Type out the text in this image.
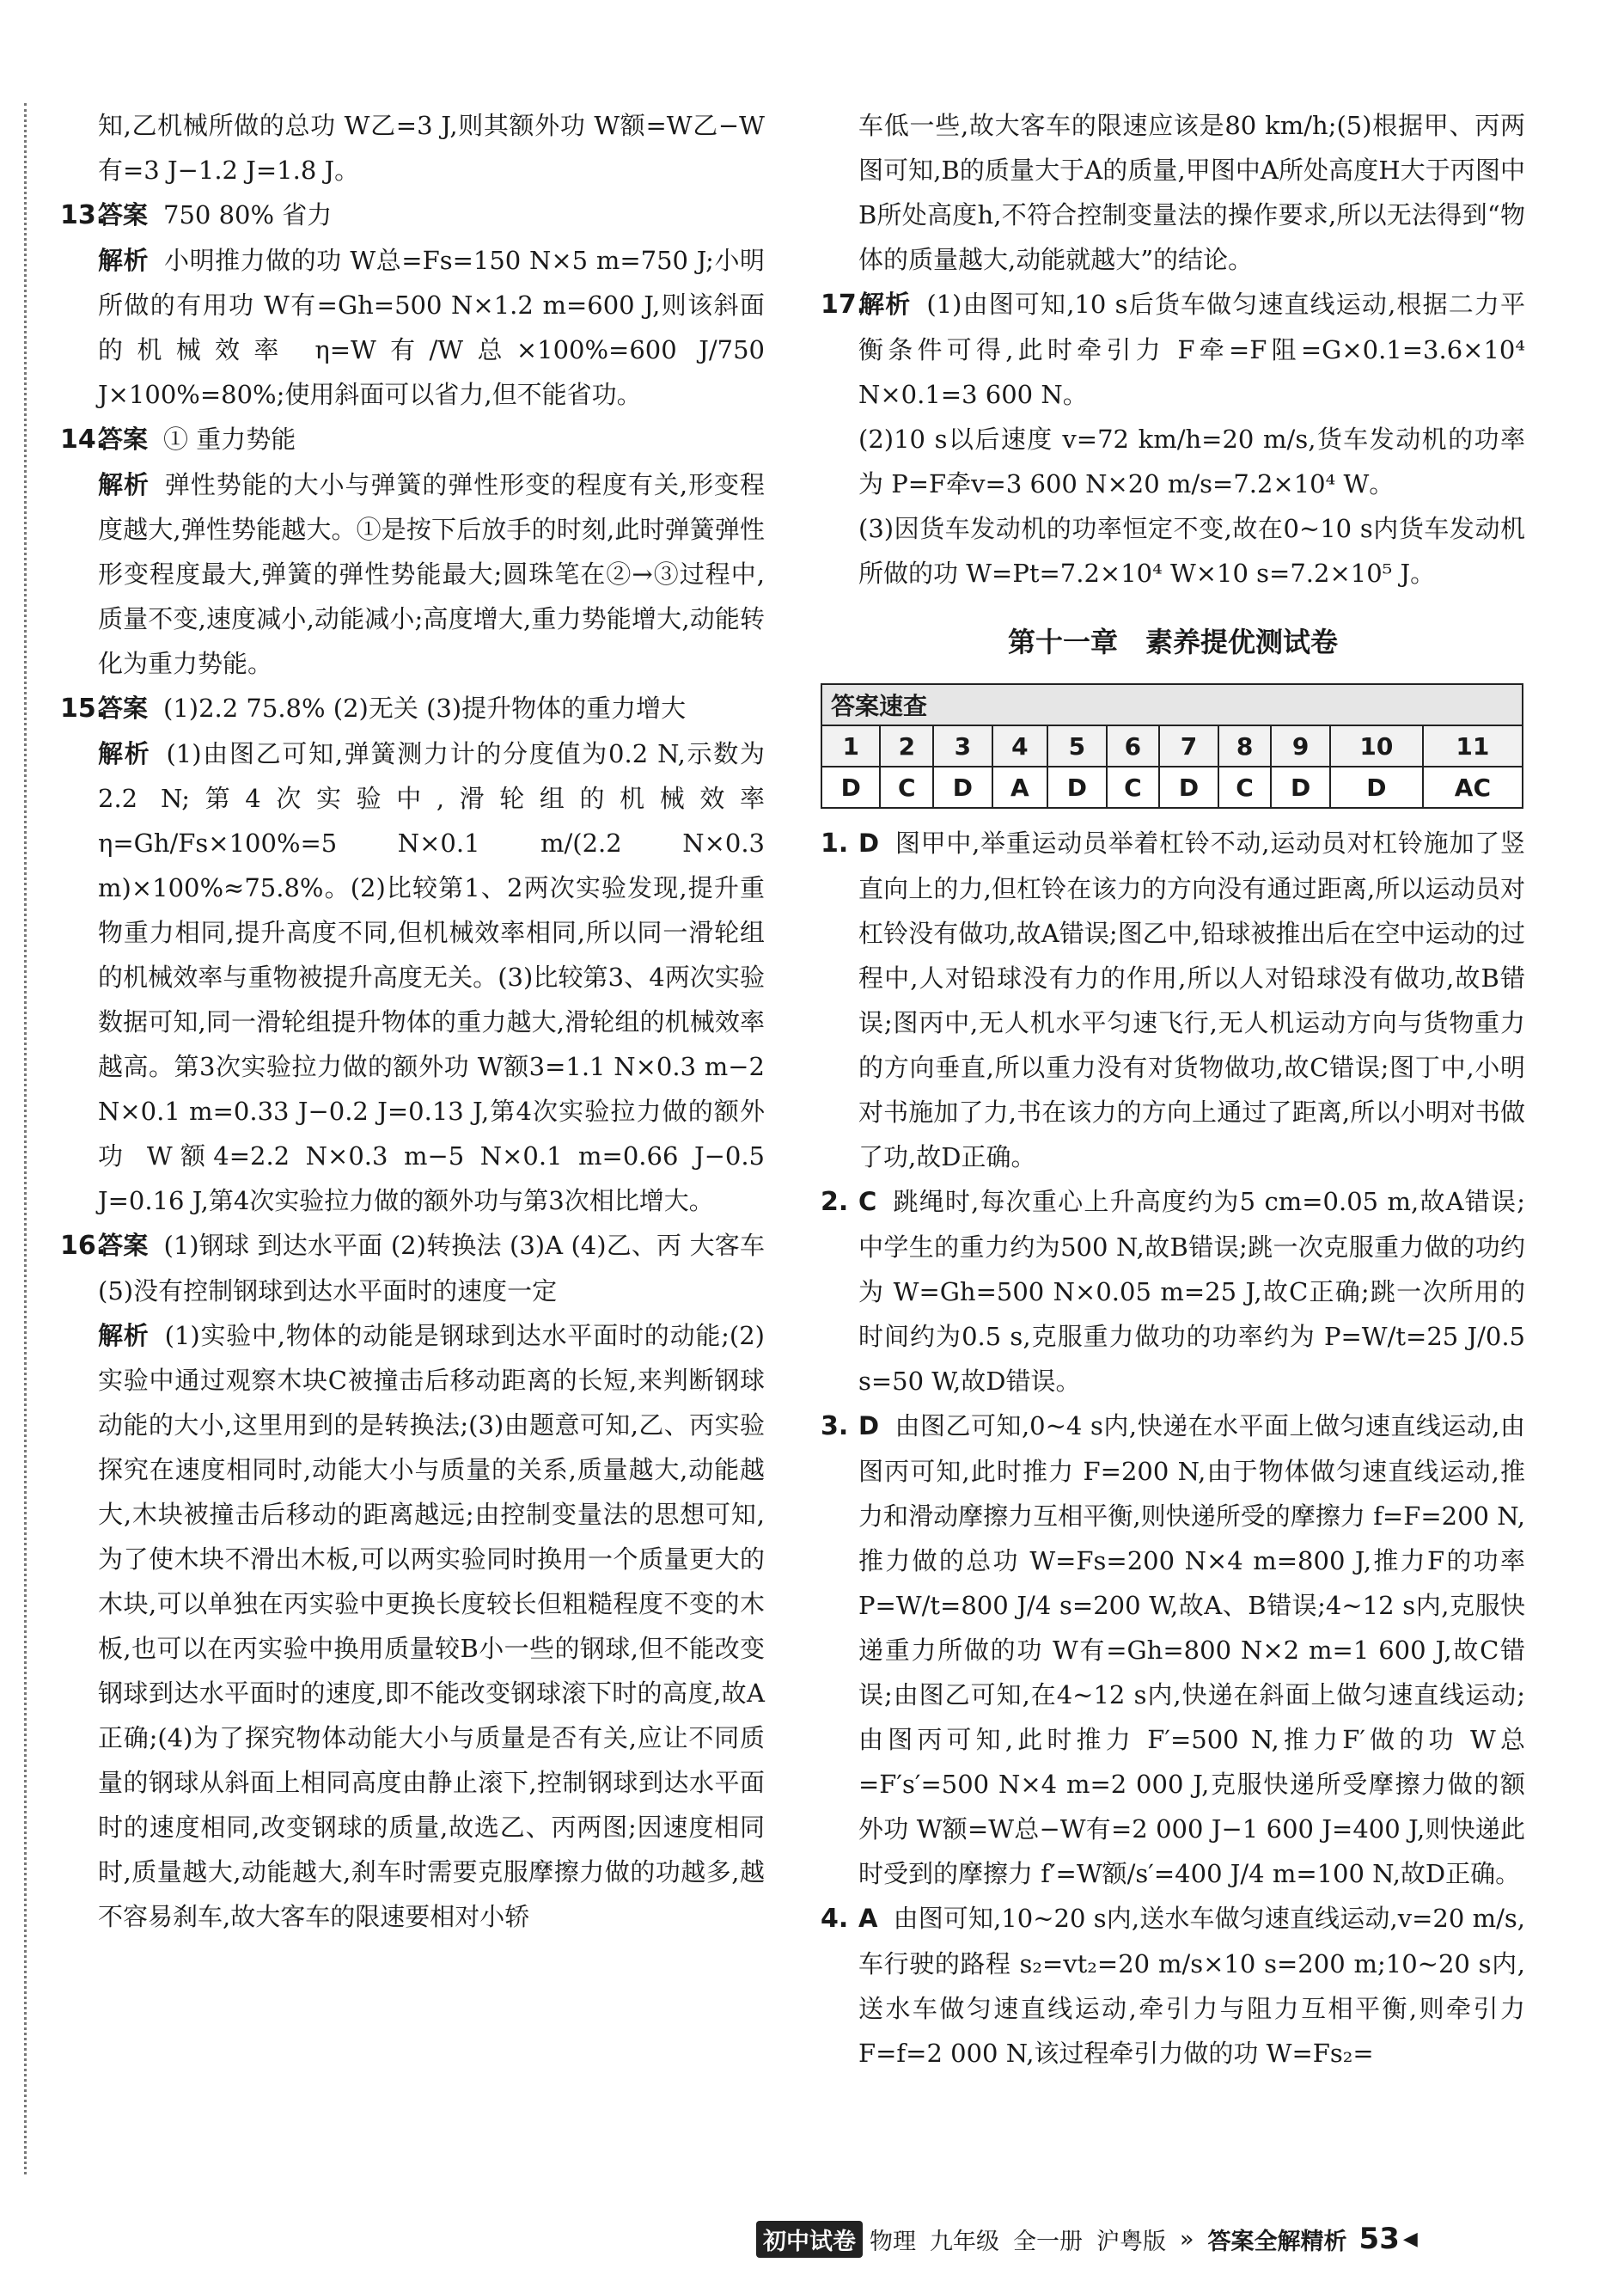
知,乙机械所做的总功 W乙=3 J,则其额外功 W额=W乙−W有=3 J−1.2 J=1.8 J。

13.答案 750 80% 省力

解析 小明推力做的功 W总=Fs=150 N×5 m=750 J;小明所做的有用功 W有=Gh=500 N×1.2 m=600 J,则该斜面的机械效率 η=W有/W总×100%=600 J/750 J×100%=80%;使用斜面可以省力,但不能省功。

14.答案 ① 重力势能

解析 弹性势能的大小与弹簧的弹性形变的程度有关,形变程度越大,弹性势能越大。①是按下后放手的时刻,此时弹簧弹性形变程度最大,弹簧的弹性势能最大;圆珠笔在②→③过程中,质量不变,速度减小,动能减小;高度增大,重力势能增大,动能转化为重力势能。

15.答案 (1)2.2 75.8% (2)无关 (3)提升物体的重力增大

解析 (1)由图乙可知,弹簧测力计的分度值为0.2 N,示数为2.2 N;第4次实验中,滑轮组的机械效率 η=Gh/Fs×100%=5 N×0.1 m/(2.2 N×0.3 m)×100%≈75.8%。(2)比较第1、2两次实验发现,提升重物重力相同,提升高度不同,但机械效率相同,所以同一滑轮组的机械效率与重物被提升高度无关。(3)比较第3、4两次实验数据可知,同一滑轮组提升物体的重力越大,滑轮组的机械效率越高。第3次实验拉力做的额外功 W额3=1.1 N×0.3 m−2 N×0.1 m=0.33 J−0.2 J=0.13 J,第4次实验拉力做的额外功 W额4=2.2 N×0.3 m−5 N×0.1 m=0.66 J−0.5 J=0.16 J,第4次实验拉力做的额外功与第3次相比增大。

16.答案 (1)钢球 到达水平面 (2)转换法 (3)A (4)乙、丙 大客车 (5)没有控制钢球到达水平面时的速度一定

解析 (1)实验中,物体的动能是钢球到达水平面时的动能;(2)实验中通过观察木块C被撞击后移动距离的长短,来判断钢球动能的大小,这里用到的是转换法;(3)由题意可知,乙、丙实验探究在速度相同时,动能大小与质量的关系,质量越大,动能越大,木块被撞击后移动的距离越远;由控制变量法的思想可知,为了使木块不滑出木板,可以两实验同时换用一个质量更大的木块,可以单独在丙实验中更换长度较长但粗糙程度不变的木板,也可以在丙实验中换用质量较B小一些的钢球,但不能改变钢球到达水平面时的速度,即不能改变钢球滚下时的高度,故A正确;(4)为了探究物体动能大小与质量是否有关,应让不同质量的钢球从斜面上相同高度由静止滚下,控制钢球到达水平面时的速度相同,改变钢球的质量,故选乙、丙两图;因速度相同时,质量越大,动能越大,刹车时需要克服摩擦力做的功越多,越不容易刹车,故大客车的限速要相对小轿

车低一些,故大客车的限速应该是80 km/h;(5)根据甲、丙两图可知,B的质量大于A的质量,甲图中A所处高度H大于丙图中B所处高度h,不符合控制变量法的操作要求,所以无法得到“物体的质量越大,动能就越大”的结论。

17.解析 (1)由图可知,10 s后货车做匀速直线运动,根据二力平衡条件可得,此时牵引力 F牵=F阻=G×0.1=3.6×10⁴ N×0.1=3 600 N。

(2)10 s以后速度 v=72 km/h=20 m/s,货车发动机的功率为 P=F牵v=3 600 N×20 m/s=7.2×10⁴ W。

(3)因货车发动机的功率恒定不变,故在0~10 s内货车发动机所做的功 W=Pt=7.2×10⁴ W×10 s=7.2×10⁵ J。

第十一章　素养提优测试卷
答案速查										
1	2	3	4	5	6	7	8	9	10	11
D	C	D	A	D	C	D	C	D	D	AC

1. D 图甲中,举重运动员举着杠铃不动,运动员对杠铃施加了竖直向上的力,但杠铃在该力的方向没有通过距离,所以运动员对杠铃没有做功,故A错误;图乙中,铅球被推出后在空中运动的过程中,人对铅球没有力的作用,所以人对铅球没有做功,故B错误;图丙中,无人机水平匀速飞行,无人机运动方向与货物重力的方向垂直,所以重力没有对货物做功,故C错误;图丁中,小明对书施加了力,书在该力的方向上通过了距离,所以小明对书做了功,故D正确。

2. C 跳绳时,每次重心上升高度约为5 cm=0.05 m,故A错误;中学生的重力约为500 N,故B错误;跳一次克服重力做的功约为 W=Gh=500 N×0.05 m=25 J,故C正确;跳一次所用的时间约为0.5 s,克服重力做功的功率约为 P=W/t=25 J/0.5 s=50 W,故D错误。

3. D 由图乙可知,0~4 s内,快递在水平面上做匀速直线运动,由图丙可知,此时推力 F=200 N,由于物体做匀速直线运动,推力和滑动摩擦力互相平衡,则快递所受的摩擦力 f=F=200 N,推力做的总功 W=Fs=200 N×4 m=800 J,推力F的功率 P=W/t=800 J/4 s=200 W,故A、B错误;4~12 s内,克服快递重力所做的功 W有=Gh=800 N×2 m=1 600 J,故C错误;由图乙可知,在4~12 s内,快递在斜面上做匀速直线运动;由图丙可知,此时推力 F′=500 N,推力F′做的功 W总=F′s′=500 N×4 m=2 000 J,克服快递所受摩擦力做的额外功 W额=W总−W有=2 000 J−1 600 J=400 J,则快递此时受到的摩擦力 f′=W额/s′=400 J/4 m=100 N,故D正确。

4. A 由图可知,10~20 s内,送水车做匀速直线运动,v=20 m/s,车行驶的路程 s₂=vt₂=20 m/s×10 s=200 m;10~20 s内,送水车做匀速直线运动,牵引力与阻力互相平衡,则牵引力 F=f=2 000 N,该过程牵引力做的功 W=Fs₂=

初中试卷 物理 九年级 全一册 沪粤版 » 答案全解精析 53 ◀
